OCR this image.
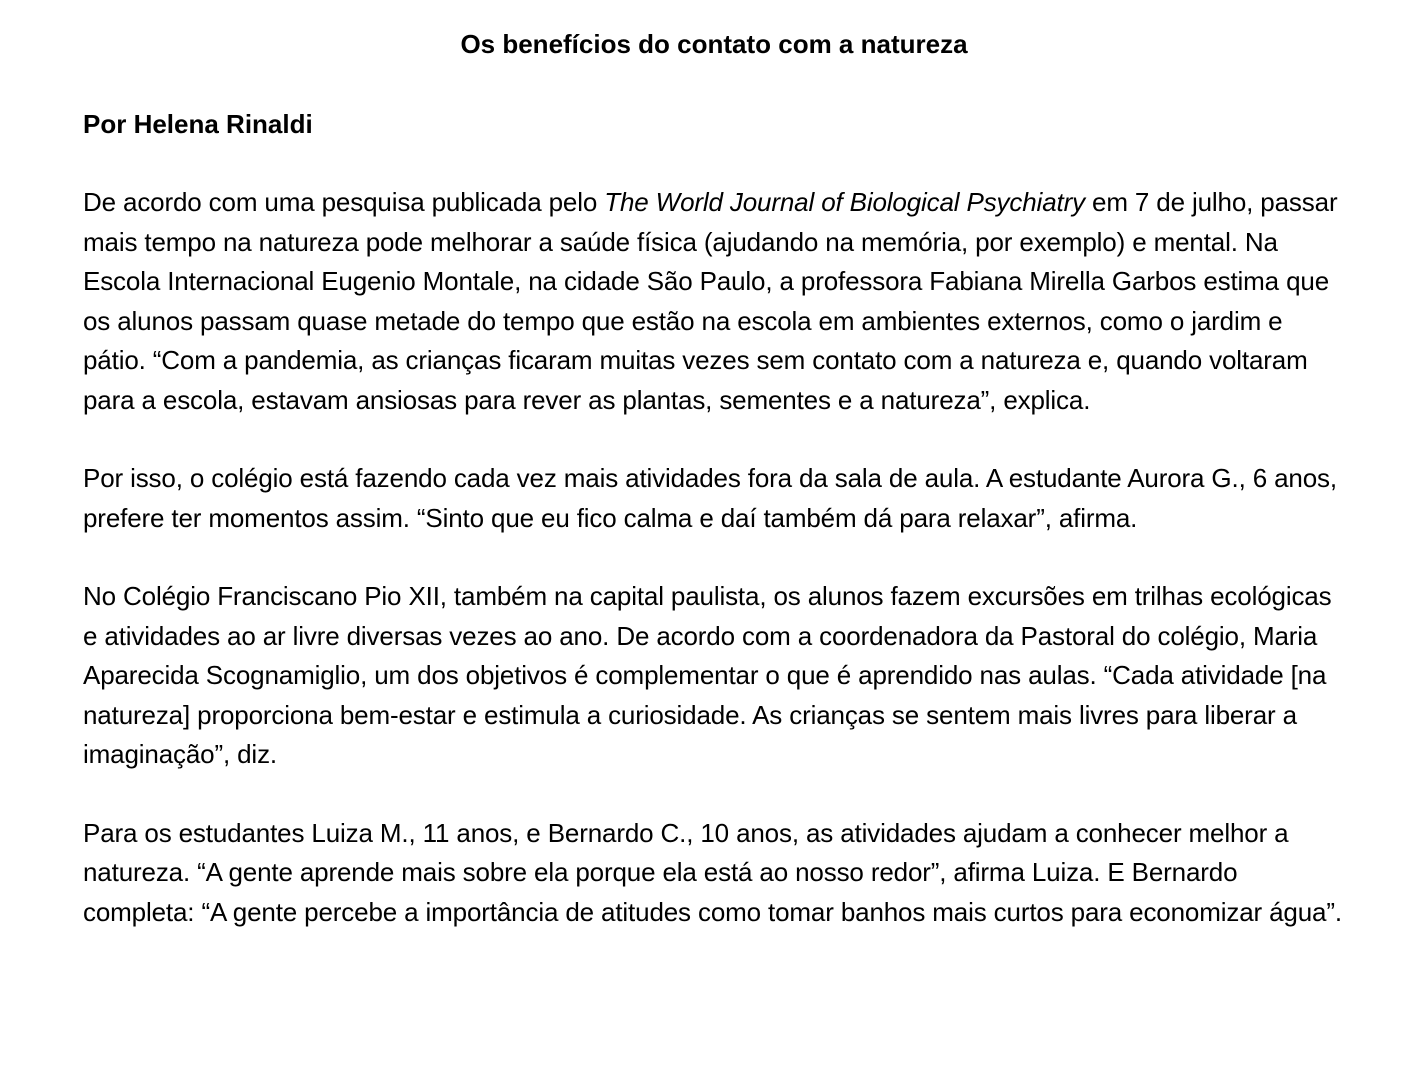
Os benefícios do contato com a natureza

Por Helena Rinaldi

De acordo com uma pesquisa publicada pelo The World Journal of Biological Psychiatry em 7 de julho, passar mais tempo na natureza pode melhorar a saúde física (ajudando na memória, por exemplo) e mental. Na Escola Internacional Eugenio Montale, na cidade São Paulo, a professora Fabiana Mirella Garbos estima que os alunos passam quase metade do tempo que estão na escola em ambientes externos, como o jardim e pátio. “Com a pandemia, as crianças ficaram muitas vezes sem contato com a natureza e, quando voltaram para a escola, estavam ansiosas para rever as plantas, sementes e a natureza”, explica.

Por isso, o colégio está fazendo cada vez mais atividades fora da sala de aula. A estudante Aurora G., 6 anos, prefere ter momentos assim. “Sinto que eu fico calma e daí também dá para relaxar”, afirma.

No Colégio Franciscano Pio XII, também na capital paulista, os alunos fazem excursões em trilhas ecológicas e atividades ao ar livre diversas vezes ao ano. De acordo com a coordenadora da Pastoral do colégio, Maria Aparecida Scognamiglio, um dos objetivos é complementar o que é aprendido nas aulas. “Cada atividade [na natureza] proporciona bem-estar e estimula a curiosidade. As crianças se sentem mais livres para liberar a imaginação”, diz.

Para os estudantes Luiza M., 11 anos, e Bernardo C., 10 anos, as atividades ajudam a conhecer melhor a natureza. “A gente aprende mais sobre ela porque ela está ao nosso redor”, afirma Luiza. E Bernardo completa: “A gente percebe a importância de atitudes como tomar banhos mais curtos para economizar água”.
